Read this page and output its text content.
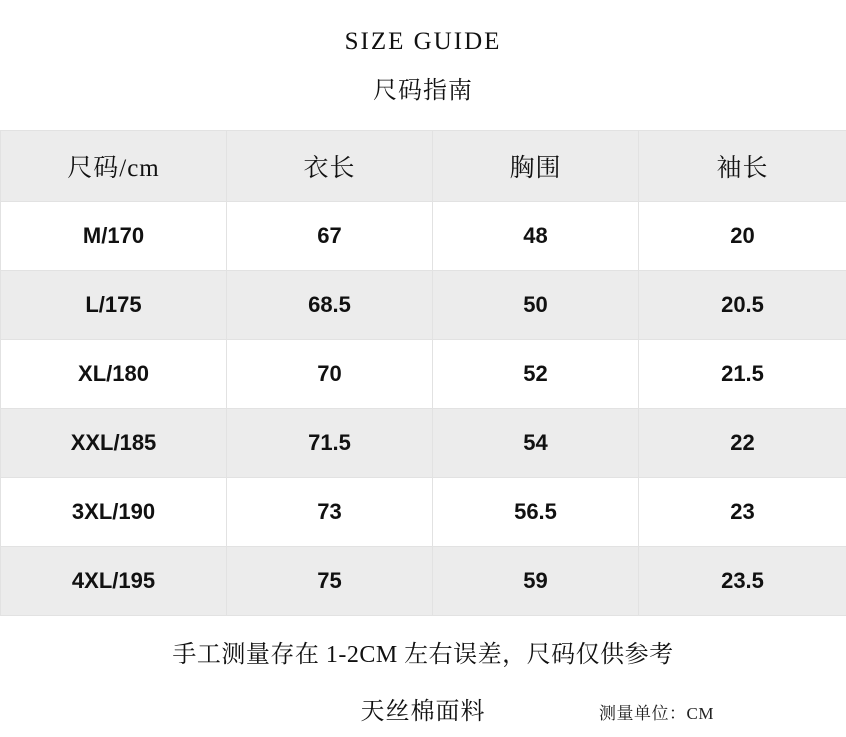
SIZE GUIDE
尺码指南
尺码/cm	衣长	胸围	袖长
M/170	67	48	20
L/175	68.5	50	20.5
XL/180	70	52	21.5
XXL/185	71.5	54	22
3XL/190	73	56.5	23
4XL/195	75	59	23.5
手工测量存在 1-2CM 左右误差，尺码仅供参考
天丝棉面料	测量单位：CM
